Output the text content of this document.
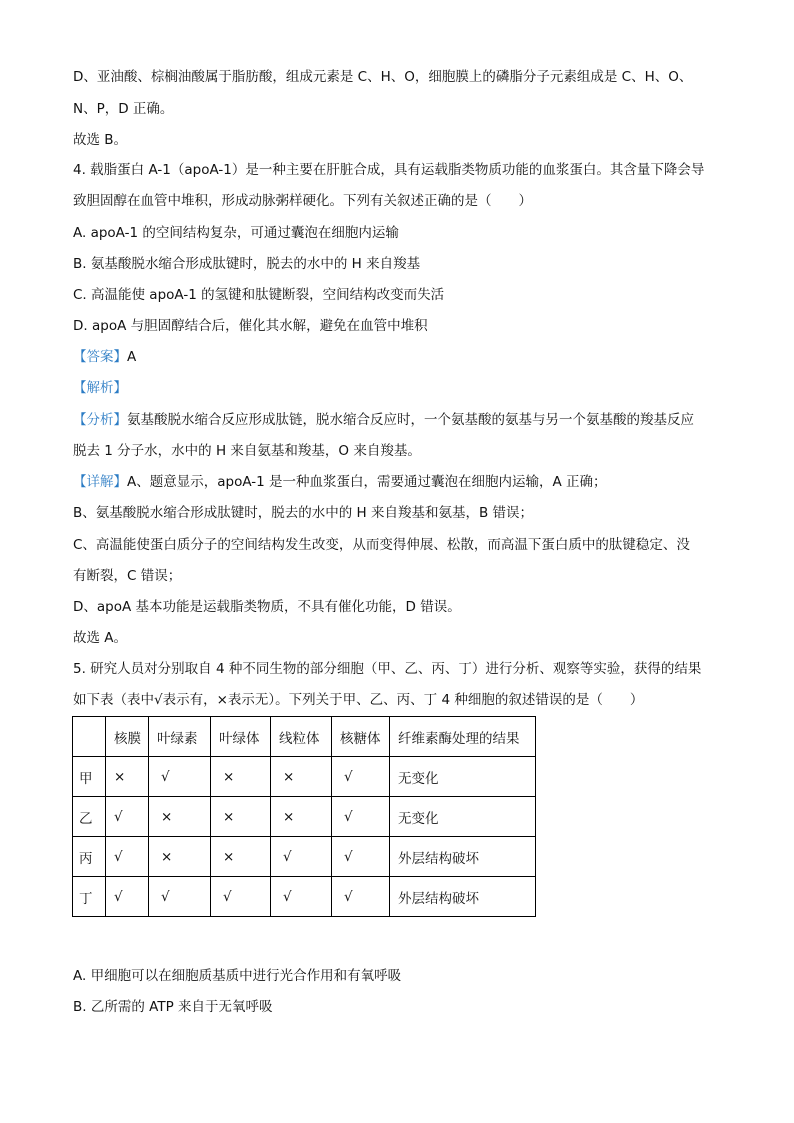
D、亚油酸、棕榈油酸属于脂肪酸，组成元素是 C、H、O，细胞膜上的磷脂分子元素组成是 C、H、O、
N、P，D 正确。
故选 B。
4. 载脂蛋白 A-1（apoA-1）是一种主要在肝脏合成，具有运载脂类物质功能的血浆蛋白。其含量下降会导
致胆固醇在血管中堆积，形成动脉粥样硬化。下列有关叙述正确的是（　　）
A. apoA-1 的空间结构复杂，可通过囊泡在细胞内运输
B. 氨基酸脱水缩合形成肽键时，脱去的水中的 H 来自羧基
C. 高温能使 apoA-1 的氢键和肽键断裂，空间结构改变而失活
D. apoA 与胆固醇结合后，催化其水解，避免在血管中堆积
【答案】A
【解析】
【分析】氨基酸脱水缩合反应形成肽链，脱水缩合反应时，一个氨基酸的氨基与另一个氨基酸的羧基反应
脱去 1 分子水，水中的 H 来自氨基和羧基，O 来自羧基。
【详解】A、题意显示，apoA-1 是一种血浆蛋白，需要通过囊泡在细胞内运输，A 正确；
B、氨基酸脱水缩合形成肽键时，脱去的水中的 H 来自羧基和氨基，B 错误；
C、高温能使蛋白质分子的空间结构发生改变，从而变得伸展、松散，而高温下蛋白质中的肽键稳定、没
有断裂，C 错误；
D、apoA 基本功能是运载脂类物质，不具有催化功能，D 错误。
故选 A。
5. 研究人员对分别取自 4 种不同生物的部分细胞（甲、乙、丙、丁）进行分析、观察等实验，获得的结果
如下表（表中√表示有，×表示无）。下列关于甲、乙、丙、丁 4 种细胞的叙述错误的是（　　）
	核膜	叶绿素	叶绿体	线粒体	核糖体	纤维素酶处理的结果
甲	×	√	×	×	√	无变化
乙	√	×	×	×	√	无变化
丙	√	×	×	√	√	外层结构破坏
丁	√	√	√	√	√	外层结构破坏
A. 甲细胞可以在细胞质基质中进行光合作用和有氧呼吸
B. 乙所需的 ATP 来自于无氧呼吸
